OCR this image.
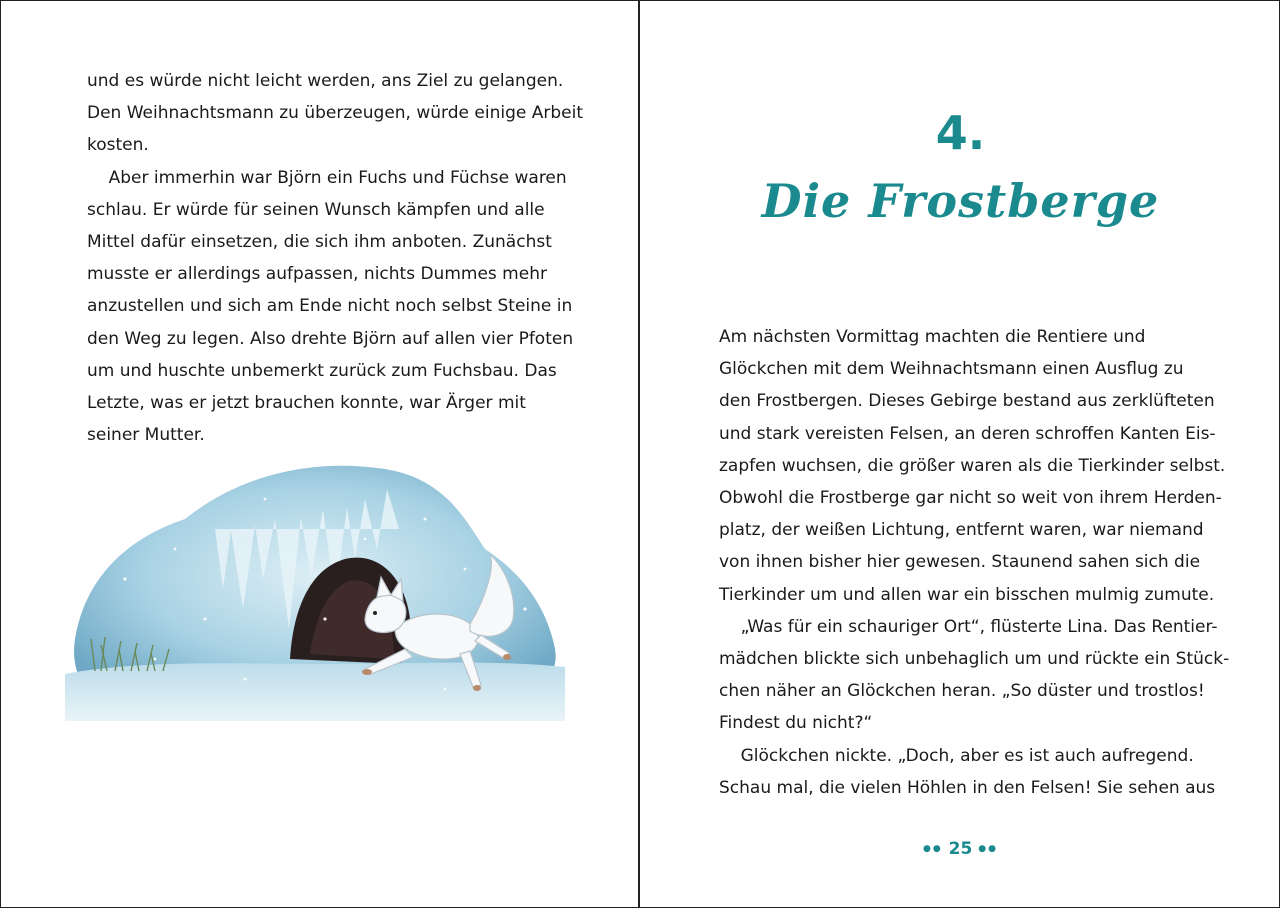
und es würde nicht leicht werden, ans Ziel zu gelangen.

Den Weihnachtsmann zu überzeugen, würde einige Arbeit

kosten.

Aber immerhin war Björn ein Fuchs und Füchse waren

schlau. Er würde für seinen Wunsch kämpfen und alle

Mittel dafür einsetzen, die sich ihm anboten. Zunächst

musste er allerdings aufpassen, nichts Dummes mehr

anzustellen und sich am Ende nicht noch selbst Steine in

den Weg zu legen. Also drehte Björn auf allen vier Pfoten

um und huschte unbemerkt zurück zum Fuchsbau. Das

Letzte, was er jetzt brauchen konnte, war Ärger mit

seiner Mutter.

4.
Die Frostberge

Am nächsten Vormittag machten die Rentiere und

Glöckchen mit dem Weihnachtsmann einen Ausflug zu

den Frostbergen. Dieses Gebirge bestand aus zerklüfteten

und stark vereisten Felsen, an deren schroffen Kanten Eis-

zapfen wuchsen, die größer waren als die Tierkinder selbst.

Obwohl die Frostberge gar nicht so weit von ihrem Herden-

platz, der weißen Lichtung, entfernt waren, war niemand

von ihnen bisher hier gewesen. Staunend sahen sich die

Tierkinder um und allen war ein bisschen mulmig zumute.

„Was für ein schauriger Ort“, flüsterte Lina. Das Rentier-

mädchen blickte sich unbehaglich um und rückte ein Stück-

chen näher an Glöckchen heran. „So düster und trostlos!

Findest du nicht?“

Glöckchen nickte. „Doch, aber es ist auch aufregend.

Schau mal, die vielen Höhlen in den Felsen! Sie sehen aus

●● 25 ●●
